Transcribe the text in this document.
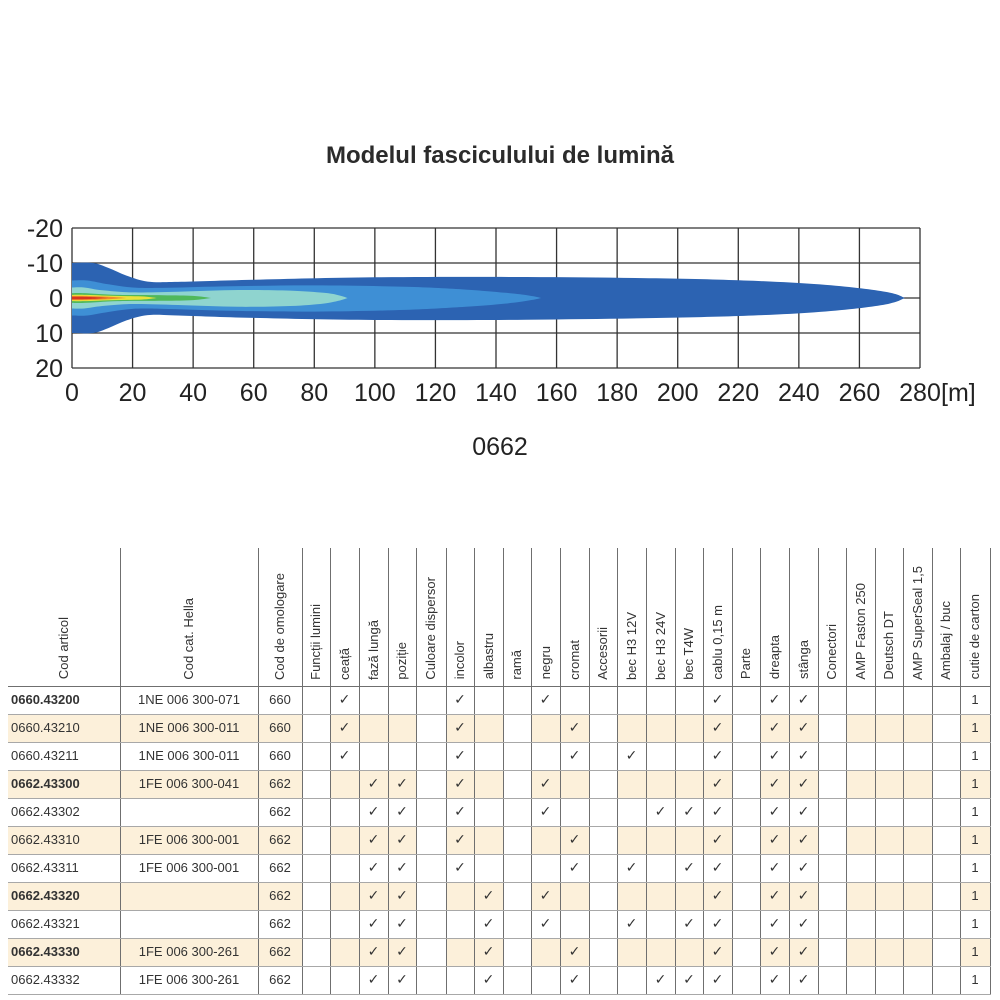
Modelul fasciculului de lumină
-20
-10
0
10
20
0 20 40 60 80 100 120 140 160 180 200 220 240 260 280 [m]
0662
Cod articol	Cod cat. Hella	Cod de omologare	Funcții lumini	ceață	fază lungă	poziție	Culoare dispersor	incolor	albastru	ramă	negru	cromat	Accesorii	bec H3 12V	bec H3 24V	bec T4W	cablu 0,15 m	Parte	dreapta	stânga	Conectori	AMP Faston 250	Deutsch DT	AMP SuperSeal 1,5	Ambalaj / buc	cutie de carton
0660.43200	1NE 006 300-071	660		✓				✓			✓						✓		✓	✓						1
0660.43210	1NE 006 300-011	660		✓				✓				✓					✓		✓	✓						1
0660.43211	1NE 006 300-011	660		✓				✓				✓		✓			✓		✓	✓						1
0662.43300	1FE 006 300-041	662			✓	✓		✓			✓						✓		✓	✓						1
0662.43302		662			✓	✓		✓			✓				✓	✓	✓		✓	✓						1
0662.43310	1FE 006 300-001	662			✓	✓		✓				✓					✓		✓	✓						1
0662.43311	1FE 006 300-001	662			✓	✓		✓				✓		✓		✓	✓		✓	✓						1
0662.43320		662			✓	✓			✓		✓						✓		✓	✓						1
0662.43321		662			✓	✓			✓		✓			✓		✓	✓		✓	✓						1
0662.43330	1FE 006 300-261	662			✓	✓			✓			✓					✓		✓	✓						1
0662.43332	1FE 006 300-261	662			✓	✓			✓			✓			✓	✓	✓		✓	✓						1
